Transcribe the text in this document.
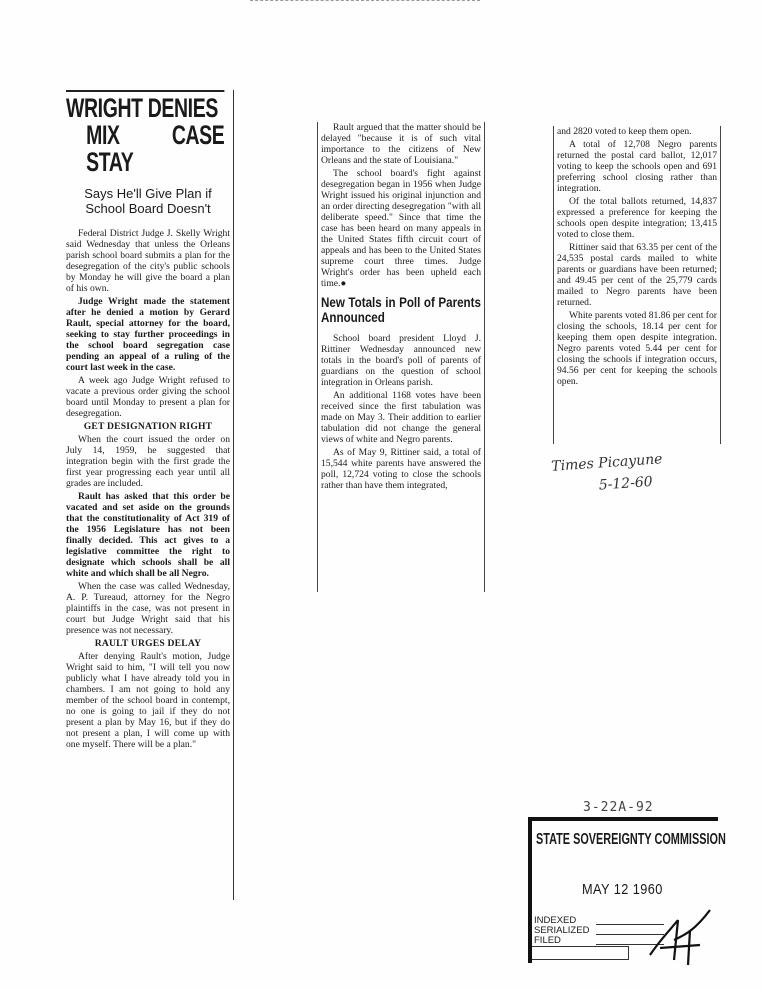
WRIGHT DENIES
MIX CASE STAY
Says He'll Give Plan if School Board Doesn't

Federal District Judge J. Skelly Wright said Wednesday that unless the Orleans parish school board submits a plan for the desegregation of the city's public schools by Monday he will give the board a plan of his own.

Judge Wright made the statement after he denied a motion by Gerard Rault, special attorney for the board, seeking to stay further proceedings in the school board segregation case pending an appeal of a ruling of the court last week in the case.

A week ago Judge Wright refused to vacate a previous order giving the school board until Monday to present a plan for desegregation.

GET DESIGNATION RIGHT

When the court issued the order on July 14, 1959, he suggested that integration begin with the first grade the first year progressing each year until all grades are included.

Rault has asked that this order be vacated and set aside on the grounds that the constitutionality of Act 319 of the 1956 Legislature has not been finally decided. This act gives to a legislative committee the right to designate which schools shall be all white and which shall be all Negro.

When the case was called Wednesday, A. P. Tureaud, attorney for the Negro plaintiffs in the case, was not present in court but Judge Wright said that his presence was not necessary.

RAULT URGES DELAY

After denying Rault's motion, Judge Wright said to him, "I will tell you now publicly what I have already told you in chambers. I am not going to hold any member of the school board in contempt, no one is going to jail if they do not present a plan by May 16, but if they do not present a plan, I will come up with one myself. There will be a plan."

Rault argued that the matter should be delayed "because it is of such vital importance to the citizens of New Orleans and the state of Louisiana."

The school board's fight against desegregation began in 1956 when Judge Wright issued his original injunction and an order directing desegregation "with all deliberate speed." Since that time the case has been heard on many appeals in the United States fifth circuit court of appeals and has been to the United States supreme court three times. Judge Wright's order has been upheld each time.●

New Totals in Poll of Parents Announced

School board president Lloyd J. Rittiner Wednesday announced new totals in the board's poll of parents of guardians on the question of school integration in Orleans parish.

An additional 1168 votes have been received since the first tabulation was made on May 3. Their addition to earlier tabulation did not change the general views of white and Negro parents.

As of May 9, Rittiner said, a total of 15,544 white parents have answered the poll, 12,724 voting to close the schools rather than have them integrated,

and 2820 voted to keep them open.

A total of 12,708 Negro parents returned the postal card ballot, 12,017 voting to keep the schools open and 691 preferring school closing rather than integration.

Of the total ballots returned, 14,837 expressed a preference for keeping the schools open despite integration; 13,415 voted to close them.

Rittiner said that 63.35 per cent of the 24,535 postal cards mailed to white parents or guardians have been returned; and 49.45 per cent of the 25,779 cards mailed to Negro parents have been returned.

White parents voted 81.86 per cent for closing the schools, 18.14 per cent for keeping them open despite integration. Negro parents voted 5.44 per cent for closing the schools if integration occurs, 94.56 per cent for keeping the schools open.

Times Picayune
5-12-60
3-22A-92
STATE SOVEREIGNTY COMMISSION
MAY 12 1960
INDEXED
SERIALIZED
FILED
